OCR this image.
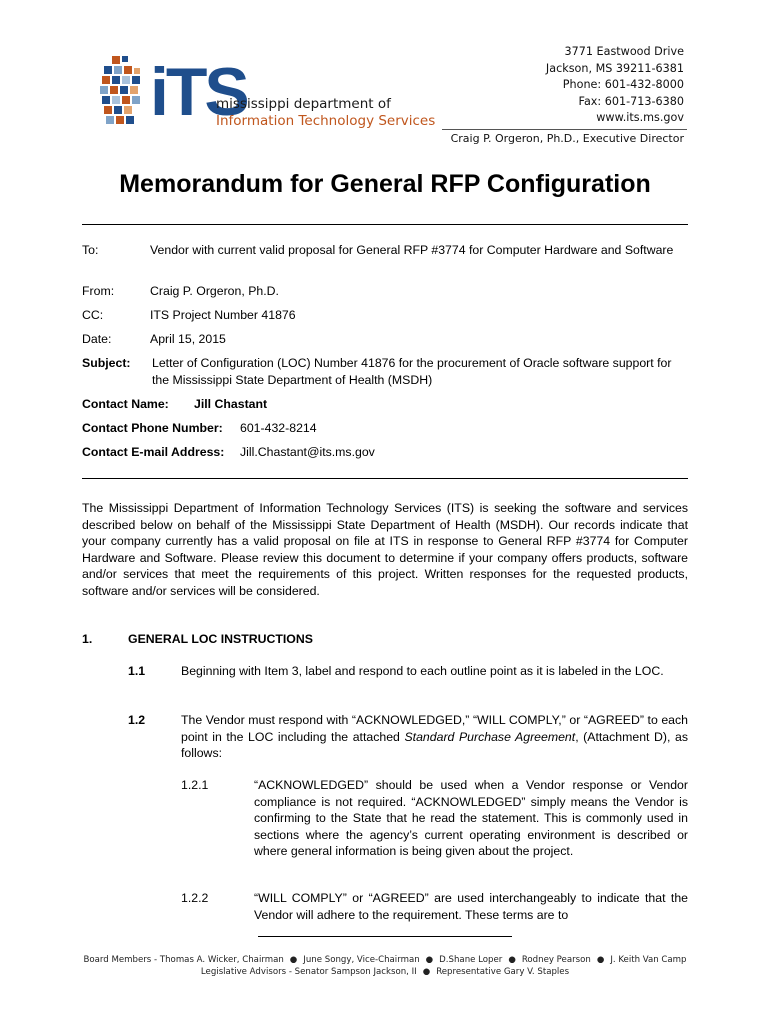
iTS
mississippi department of
Information Technology Services
3771 Eastwood Drive
Jackson, MS 39211-6381
Phone: 601-432-8000
Fax: 601-713-6380
www.its.ms.gov
Craig P. Orgeron, Ph.D., Executive Director
Memorandum for General RFP Configuration
To:	Vendor with current valid proposal for General RFP #3774 for Computer Hardware and Software
From:	Craig P. Orgeron, Ph.D.
CC:	ITS Project Number 41876
Date:	April 15, 2015
Subject: Letter of Configuration (LOC) Number 41876 for the procurement of Oracle software support for the Mississippi State Department of Health (MSDH)
Contact Name: Jill Chastant
Contact Phone Number: 601-432-8214
Contact E-mail Address: Jill.Chastant@its.ms.gov
The Mississippi Department of Information Technology Services (ITS) is seeking the software and services described below on behalf of the Mississippi State Department of Health (MSDH). Our records indicate that your company currently has a valid proposal on file at ITS in response to General RFP #3774 for Computer Hardware and Software. Please review this document to determine if your company offers products, software and/or services that meet the requirements of this project. Written responses for the requested products, software and/or services will be considered.
1.	GENERAL LOC INSTRUCTIONS
1.1	Beginning with Item 3, label and respond to each outline point as it is labeled in the LOC.
1.2	The Vendor must respond with “ACKNOWLEDGED,” “WILL COMPLY,” or “AGREED” to each point in the LOC including the attached Standard Purchase Agreement, (Attachment D), as follows:
1.2.1	“ACKNOWLEDGED” should be used when a Vendor response or Vendor compliance is not required. “ACKNOWLEDGED” simply means the Vendor is confirming to the State that he read the statement. This is commonly used in sections where the agency’s current operating environment is described or where general information is being given about the project.
1.2.2	“WILL COMPLY” or “AGREED” are used interchangeably to indicate that the Vendor will adhere to the requirement. These terms are to
Board Members - Thomas A. Wicker, Chairman ● June Songy, Vice-Chairman ● D.Shane Loper ● Rodney Pearson ● J. Keith Van Camp
Legislative Advisors - Senator Sampson Jackson, II ● Representative Gary V. Staples
